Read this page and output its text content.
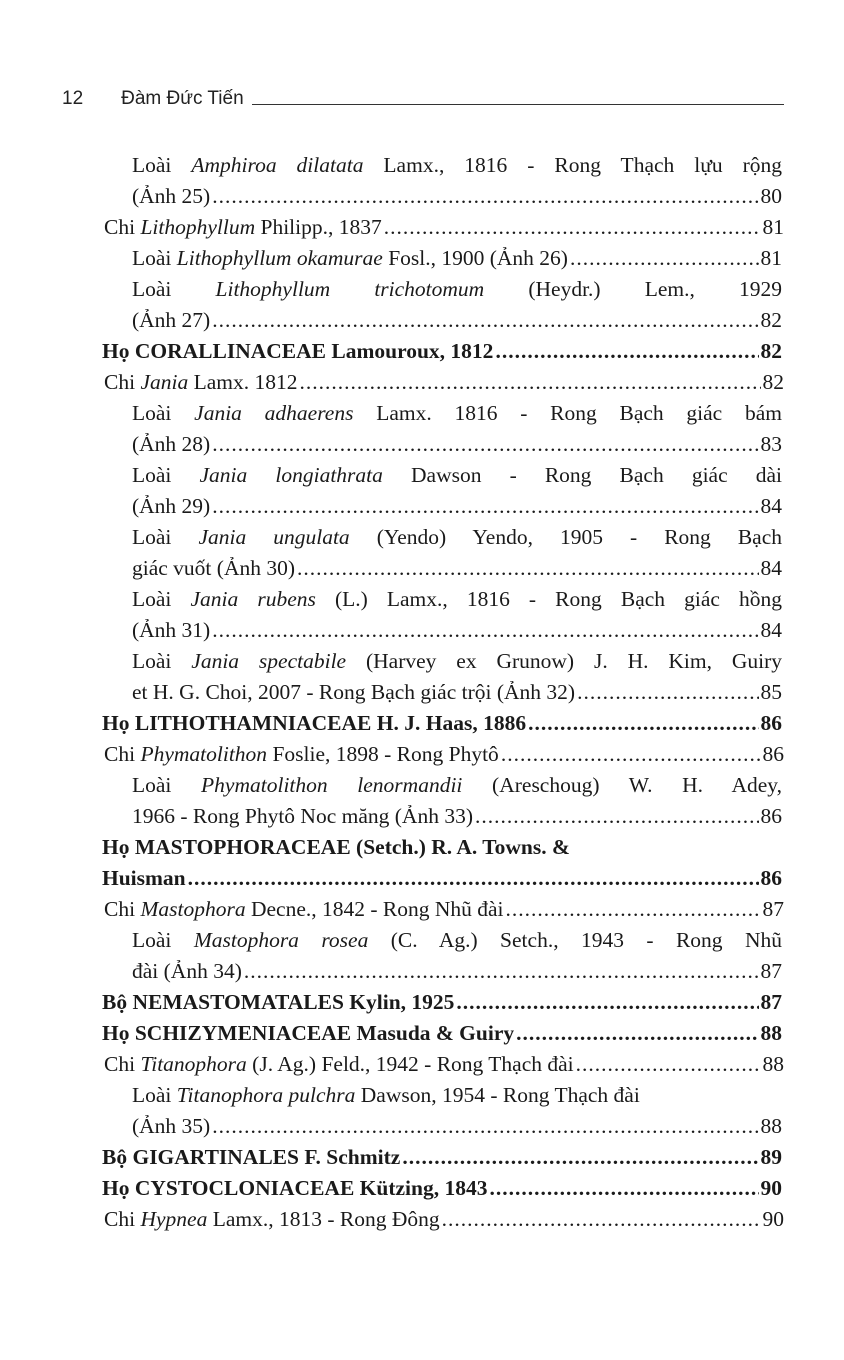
12 Đàm Đức Tiến
Loài Amphiroa dilatata Lamx., 1816 - Rong Thạch lựu rộng
(Ảnh 25) .....	80
Chi Lithophyllum Philipp., 1837 .....	81
Loài Lithophyllum okamurae Fosl., 1900 (Ảnh 26) .....	81
Loài Lithophyllum trichotomum (Heydr.) Lem., 1929
(Ảnh 27) .....	82
Họ CORALLINACEAE Lamouroux, 1812 .....	82
Chi Jania Lamx. 1812 .....	82
Loài Jania adhaerens Lamx. 1816 - Rong Bạch giác bám
(Ảnh 28) .....	83
Loài Jania longiathrata Dawson - Rong Bạch giác dài
(Ảnh 29) .....	84
Loài Jania ungulata (Yendo) Yendo, 1905 - Rong Bạch
giác vuốt (Ảnh 30) .....	84
Loài Jania rubens (L.) Lamx., 1816 - Rong Bạch giác hồng
(Ảnh 31) .....	84
Loài Jania spectabile (Harvey ex Grunow) J. H. Kim, Guiry
et H. G. Choi, 2007 - Rong Bạch giác trội (Ảnh 32) .....	85
Họ LITHOTHAMNIACEAE H. J. Haas, 1886 .....	86
Chi Phymatolithon Foslie, 1898 - Rong Phytô .....	86
Loài Phymatolithon lenormandii (Areschoug) W. H. Adey,
1966 - Rong Phytô Noc măng (Ảnh 33) .....	86
Họ MASTOPHORACEAE (Setch.) R. A. Towns. &
Huisman .....	86
Chi Mastophora Decne., 1842 - Rong Nhũ đài .....	87
Loài Mastophora rosea (C. Ag.) Setch., 1943 - Rong Nhũ
đài (Ảnh 34) .....	87
Bộ NEMASTOMATALES Kylin, 1925 .....	87
Họ SCHIZYMENIACEAE Masuda & Guiry .....	88
Chi Titanophora (J. Ag.) Feld., 1942 - Rong Thạch đài .....	88
Loài Titanophora pulchra Dawson, 1954 - Rong Thạch đài
(Ảnh 35) .....	88
Bộ GIGARTINALES F. Schmitz .....	89
Họ CYSTOCLONIACEAE Kützing, 1843 .....	90
Chi Hypnea Lamx., 1813 - Rong Đông .....	90
